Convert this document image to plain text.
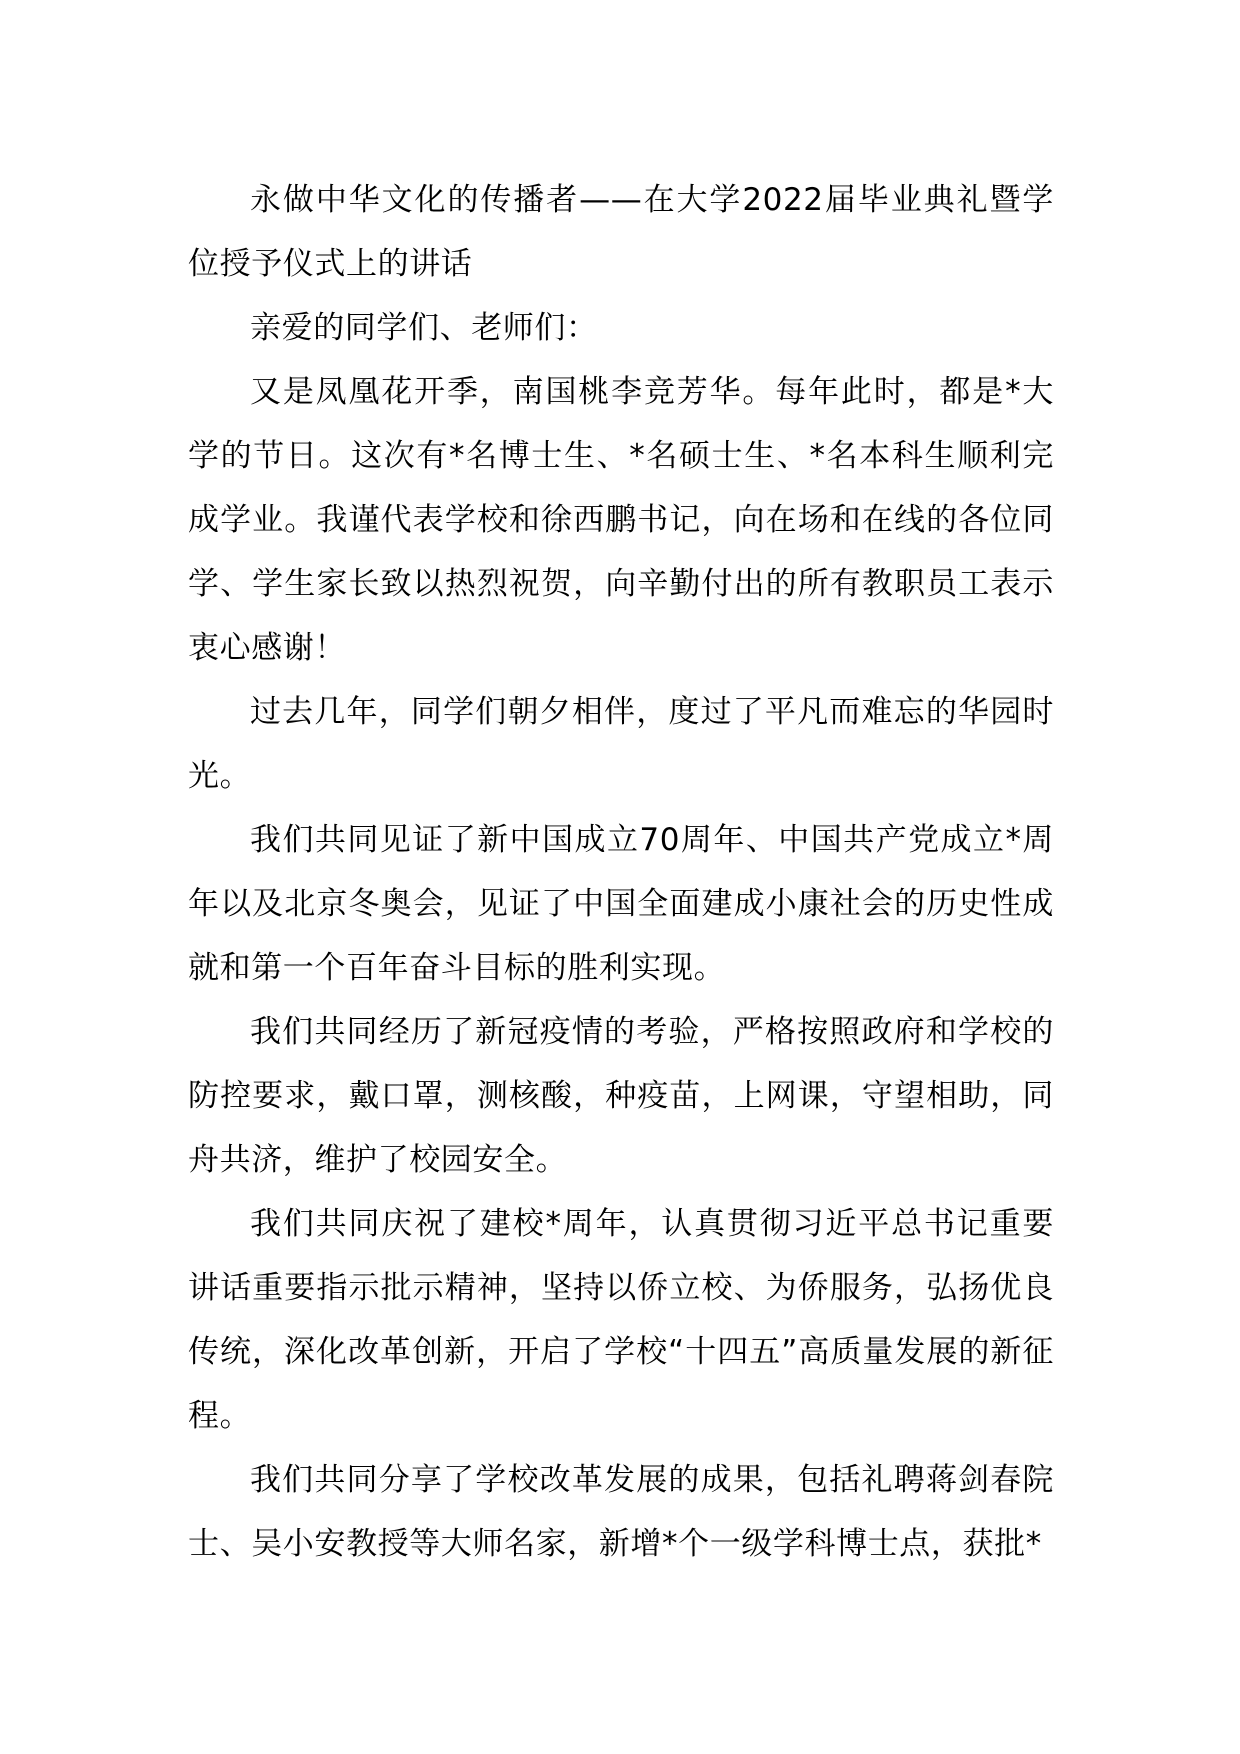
永做中华文化的传播者——在大学2022届毕业典礼暨学位授予仪式上的讲话

亲爱的同学们、老师们：

又是凤凰花开季，南国桃李竞芳华。每年此时，都是*大学的节日。这次有*名博士生、*名硕士生、*名本科生顺利完成学业。我谨代表学校和徐西鹏书记，向在场和在线的各位同学、学生家长致以热烈祝贺，向辛勤付出的所有教职员工表示衷心感谢！

过去几年，同学们朝夕相伴，度过了平凡而难忘的华园时光。

我们共同见证了新中国成立70周年、中国共产党成立*周年以及北京冬奥会，见证了中国全面建成小康社会的历史性成就和第一个百年奋斗目标的胜利实现。

我们共同经历了新冠疫情的考验，严格按照政府和学校的防控要求，戴口罩，测核酸，种疫苗，上网课，守望相助，同舟共济，维护了校园安全。

我们共同庆祝了建校*周年，认真贯彻习近平总书记重要讲话重要指示批示精神，坚持以侨立校、为侨服务，弘扬优良传统，深化改革创新，开启了学校“十四五”高质量发展的新征程。

我们共同分享了学校改革发展的成果，包括礼聘蒋剑春院士、吴小安教授等大师名家，新增*个一级学科博士点，获批*
